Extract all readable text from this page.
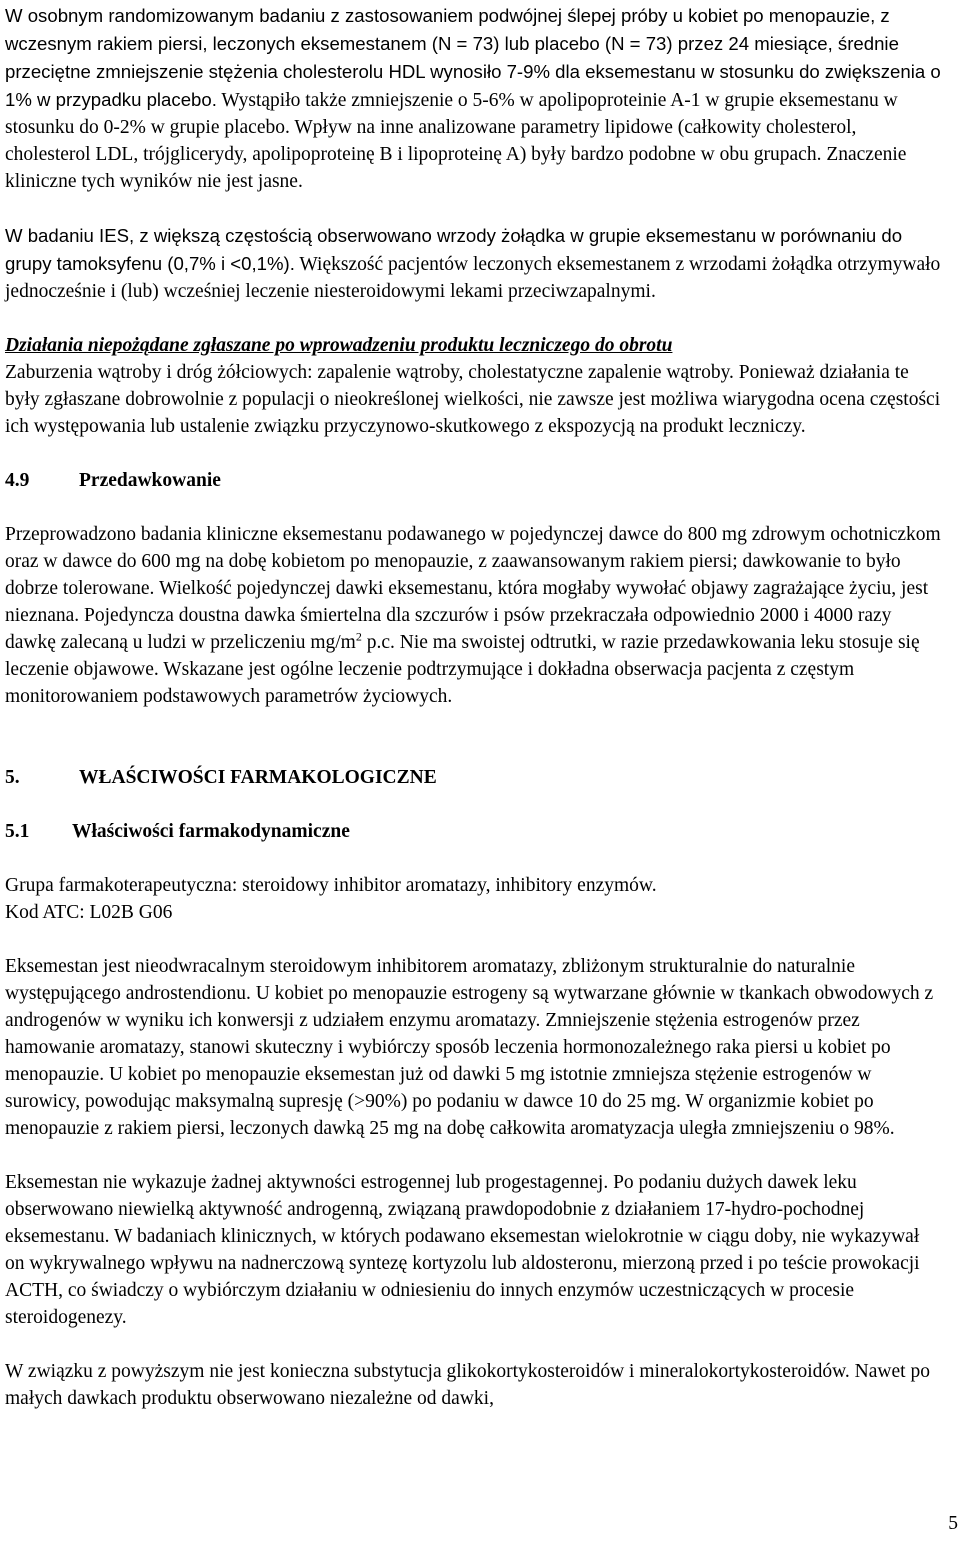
W osobnym randomizowanym badaniu z zastosowaniem podwójnej ślepej próby u kobiet po menopauzie, z wczesnym rakiem piersi, leczonych eksemestanem (N = 73) lub placebo (N = 73) przez 24 miesiące, średnie przeciętne zmniejszenie stężenia cholesterolu HDL wynosiło 7-9% dla eksemestanu w stosunku do zwiększenia o 1% w przypadku placebo. Wystąpiło także zmniejszenie o 5-6% w apolipoproteinie A-1 w grupie eksemestanu w stosunku do 0-2% w grupie placebo. Wpływ na inne analizowane parametry lipidowe (całkowity cholesterol, cholesterol LDL, trójglicerydy, apolipoproteinę B i lipoproteinę A) były bardzo podobne w obu grupach. Znaczenie kliniczne tych wyników nie jest jasne.

W badaniu IES, z większą częstością obserwowano wrzody żołądka w grupie eksemestanu w porównaniu do grupy tamoksyfenu (0,7% i <0,1%). Większość pacjentów leczonych eksemestanem z wrzodami żołądka otrzymywało jednocześnie i (lub) wcześniej leczenie niesteroidowymi lekami przeciwzapalnymi.

Działania niepożądane zgłaszane po wprowadzeniu produktu leczniczego do obrotu

Zaburzenia wątroby i dróg żółciowych: zapalenie wątroby, cholestatyczne zapalenie wątroby. Ponieważ działania te były zgłaszane dobrowolnie z populacji o nieokreślonej wielkości, nie zawsze jest możliwa wiarygodna ocena częstości ich występowania lub ustalenie związku przyczynowo-skutkowego z ekspozycją na produkt leczniczy.

4.9	Przedawkowanie

Przeprowadzono badania kliniczne eksemestanu podawanego w pojedynczej dawce do 800 mg zdrowym ochotniczkom oraz w dawce do 600 mg na dobę kobietom po menopauzie, z zaawansowanym rakiem piersi; dawkowanie to było dobrze tolerowane. Wielkość pojedynczej dawki eksemestanu, która mogłaby wywołać objawy zagrażające życiu, jest nieznana. Pojedyncza doustna dawka śmiertelna dla szczurów i psów przekraczała odpowiednio 2000 i 4000 razy dawkę zalecaną u ludzi w przeliczeniu $mg/m^2$ p.c. Nie ma swoistej odtrutki, w razie przedawkowania leku stosuje się leczenie objawowe. Wskazane jest ogólne leczenie podtrzymujące i dokładna obserwacja pacjenta z częstym monitorowaniem podstawowych parametrów życiowych.

5.	WŁAŚCIWOŚCI FARMAKOLOGICZNE
5.1	Właściwości farmakodynamiczne

Grupa farmakoterapeutyczna: steroidowy inhibitor aromatazy, inhibitory enzymów.

Kod ATC: L02B G06

Eksemestan jest nieodwracalnym steroidowym inhibitorem aromatazy, zbliżonym strukturalnie do naturalnie występującego androstendionu. U kobiet po menopauzie estrogeny są wytwarzane głównie w tkankach obwodowych z androgenów w wyniku ich konwersji z udziałem enzymu aromatazy. Zmniejszenie stężenia estrogenów przez hamowanie aromatazy, stanowi skuteczny i wybiórczy sposób leczenia hormonozależnego raka piersi u kobiet po menopauzie. U kobiet po menopauzie eksemestan już od dawki 5 mg istotnie zmniejsza stężenie estrogenów w surowicy, powodując maksymalną supresję (>90%) po podaniu w dawce 10 do 25 mg. W organizmie kobiet po menopauzie z rakiem piersi, leczonych dawką 25 mg na dobę całkowita aromatyzacja uległa zmniejszeniu o 98%.

Eksemestan nie wykazuje żadnej aktywności estrogennej lub progestagennej. Po podaniu dużych dawek leku obserwowano niewielką aktywność androgenną, związaną prawdopodobnie z działaniem 17-hydro-pochodnej eksemestanu. W badaniach klinicznych, w których podawano eksemestan wielokrotnie w ciągu doby, nie wykazywał on wykrywalnego wpływu na nadnerczową syntezę kortyzolu lub aldosteronu, mierzoną przed i po teście prowokacji ACTH, co świadczy o wybiórczym działaniu w odniesieniu do innych enzymów uczestniczących w procesie steroidogenezy.

W związku z powyższym nie jest konieczna substytucja glikokortykosteroidów i mineralokortykosteroidów. Nawet po małych dawkach produktu obserwowano niezależne od dawki,

5
